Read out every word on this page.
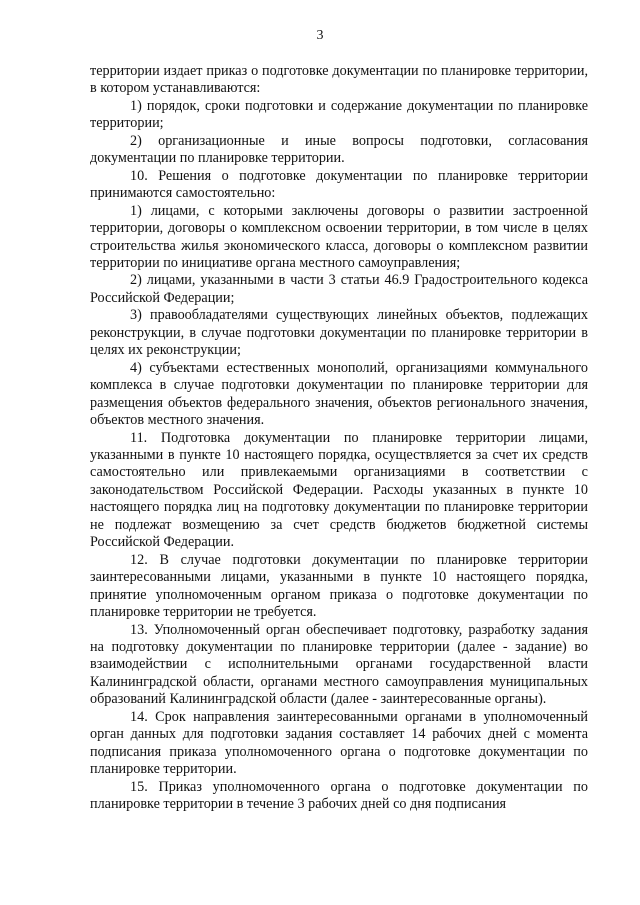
3

территории издает приказ о подготовке документации по планировке территории, в котором устанавливаются:

1) порядок, сроки подготовки и содержание документации по планировке территории;

2) организационные и иные вопросы подготовки, согласования документации по планировке территории.

10. Решения о подготовке документации по планировке территории принимаются самостоятельно:

1) лицами, с которыми заключены договоры о развитии застроенной территории, договоры о комплексном освоении территории, в том числе в целях строительства жилья экономического класса, договоры о комплексном развитии территории по инициативе органа местного самоуправления;

2) лицами, указанными в части 3 статьи 46.9 Градостроительного кодекса Российской Федерации;

3) правообладателями существующих линейных объектов, подлежащих реконструкции, в случае подготовки документации по планировке территории в целях их реконструкции;

4) субъектами естественных монополий, организациями коммунального комплекса в случае подготовки документации по планировке территории для размещения объектов федерального значения, объектов регионального значения, объектов местного значения.

11. Подготовка документации по планировке территории лицами, указанными в пункте 10 настоящего порядка, осуществляется за счет их средств самостоятельно или привлекаемыми организациями в соответствии с законодательством Российской Федерации. Расходы указанных в пункте 10 настоящего порядка лиц на подготовку документации по планировке территории не подлежат возмещению за счет средств бюджетов бюджетной системы Российской Федерации.

12. В случае подготовки документации по планировке территории заинтересованными лицами, указанными в пункте 10 настоящего порядка, принятие уполномоченным органом приказа о подготовке документации по планировке территории не требуется.

13. Уполномоченный орган обеспечивает подготовку, разработку задания на подготовку документации по планировке территории (далее - задание) во взаимодействии с исполнительными органами государственной власти Калининградской области, органами местного самоуправления муниципальных образований Калининградской области (далее - заинтересованные органы).

14. Срок направления заинтересованными органами в уполномоченный орган данных для подготовки задания составляет 14 рабочих дней с момента подписания приказа уполномоченного органа о подготовке документации по планировке территории.

15. Приказ уполномоченного органа о подготовке документации по планировке территории в течение 3 рабочих дней со дня подписания
